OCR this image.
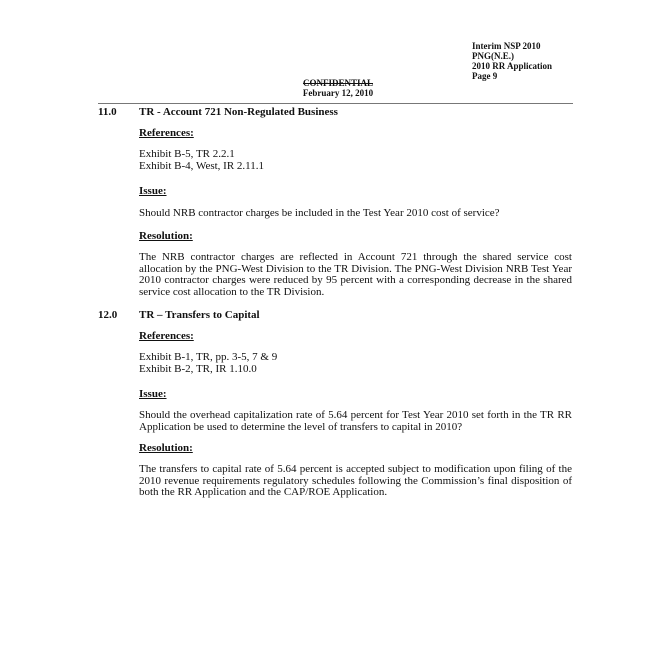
Interim NSP 2010
PNG(N.E.)
2010 RR Application
Page 9
CONFIDENTIAL
February 12, 2010
11.0 TR - Account 721 Non-Regulated Business
References:
Exhibit B-5, TR 2.2.1
Exhibit B-4, West, IR 2.11.1
Issue:
Should NRB contractor charges be included in the Test Year 2010 cost of service?
Resolution:
The NRB contractor charges are reflected in Account 721 through the shared service cost allocation by the PNG-West Division to the TR Division. The PNG-West Division NRB Test Year 2010 contractor charges were reduced by 95 percent with a corresponding decrease in the shared service cost allocation to the TR Division.
12.0 TR – Transfers to Capital
References:
Exhibit B-1, TR, pp. 3-5, 7 & 9
Exhibit B-2, TR, IR 1.10.0
Issue:
Should the overhead capitalization rate of 5.64 percent for Test Year 2010 set forth in the TR RR Application be used to determine the level of transfers to capital in 2010?
Resolution:
The transfers to capital rate of 5.64 percent is accepted subject to modification upon filing of the 2010 revenue requirements regulatory schedules following the Commission’s final disposition of both the RR Application and the CAP/ROE Application.
